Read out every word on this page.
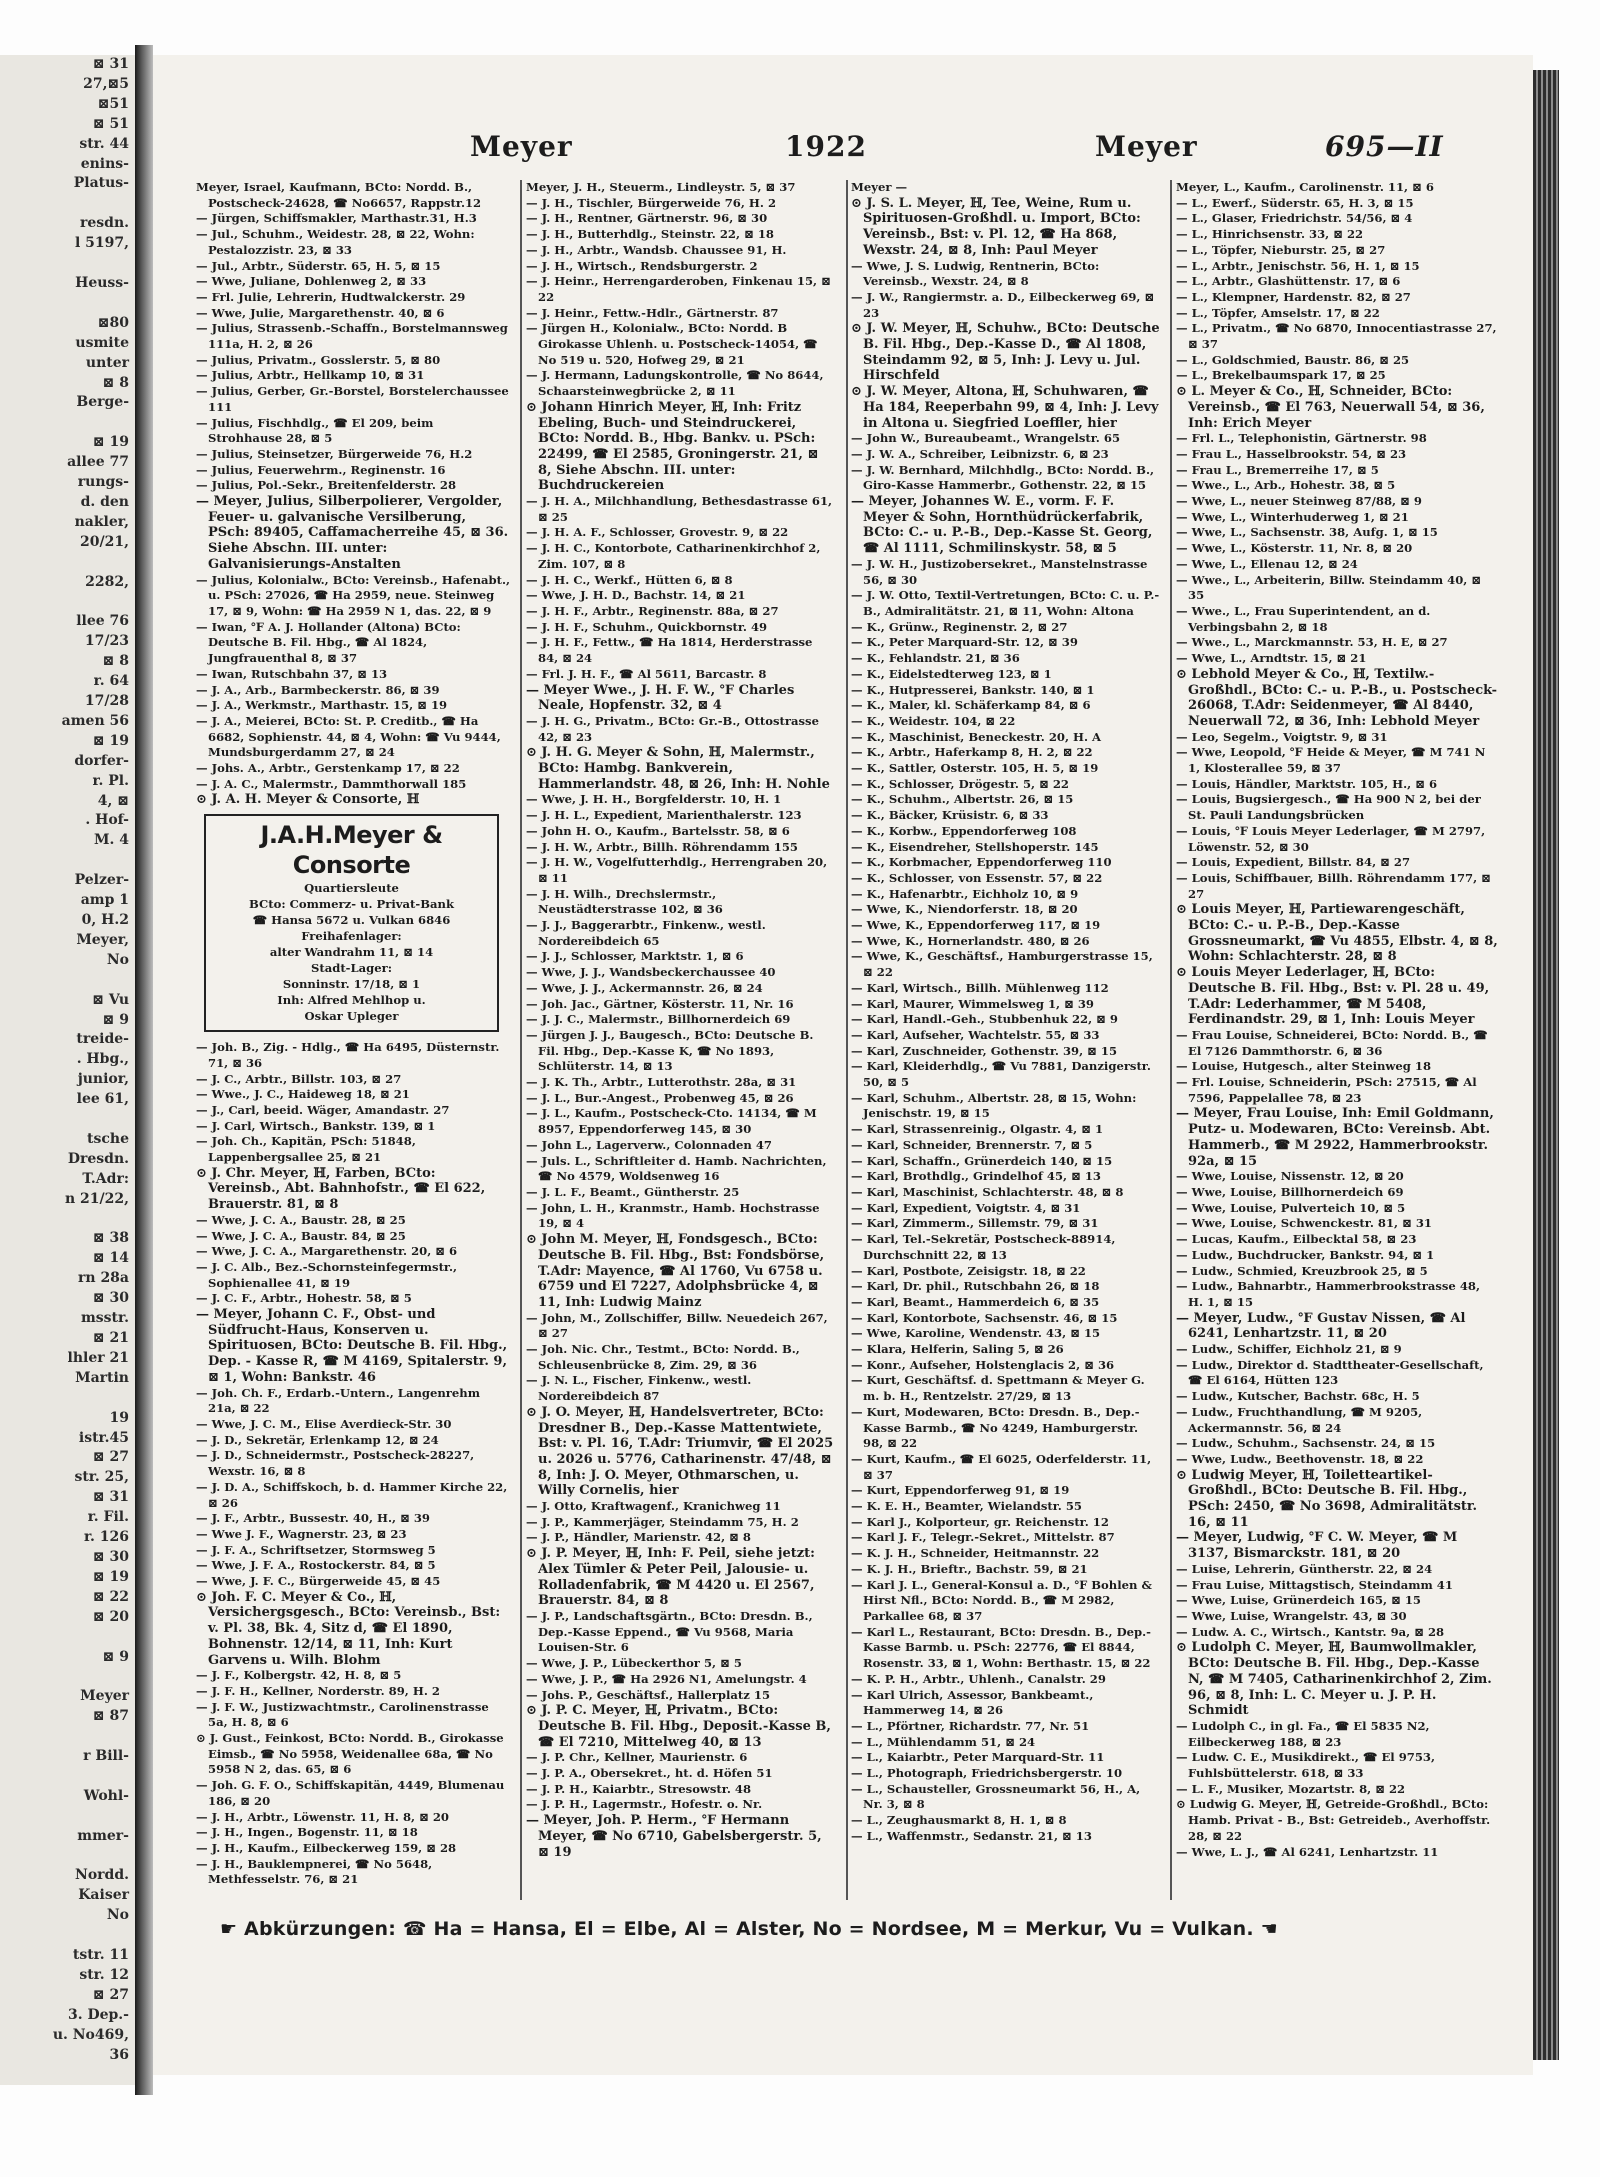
⊠ 31
27,⊠5
⊠51
⊠ 51
str. 44
enins-
Platus-

resdn.
l 5197,

Heuss-

⊠80
usmite
unter
⊠ 8
Berge-

⊠ 19
allee 77
rungs-
d. den
nakler,
20/21,

2282,

llee 76
17/23
⊠ 8
r. 64
17/28
amen 56
⊠ 19
dorfer-
r. Pl.
4, ⊠
. Hof-
M. 4

Pelzer-
amp 1
0, H.2
Meyer,
No

⊠ Vu
⊠ 9
treide-
. Hbg.,
junior,
lee 61,

tsche
Dresdn.
T.Adr:
n 21/22,

⊠ 38
⊠ 14
rn 28a
⊠ 30
msstr.
⊠ 21
lhler 21
Martin

19
istr.45
⊠ 27
str. 25,
⊠ 31
r. Fil.
r. 126
⊠ 30
⊠ 19
⊠ 22
⊠ 20

⊠ 9

Meyer
⊠ 87

r Bill-

Wohl-

mmer-

Nordd.
Kaiser
No

tstr. 11
str. 12
⊠ 27
3. Dep.-
u. No469,
36
Meyer	1922	Meyer	695—II
Meyer, Israel, Kaufmann, BCto: Nordd. B., Postscheck-24628, ☎ No6657, Rappstr.12
— Jürgen, Schiffsmakler, Marthastr.31, H.3
— Jul., Schuhm., Weidestr. 28, ⊠ 22, Wohn: Pestalozzistr. 23, ⊠ 33
— Jul., Arbtr., Süderstr. 65, H. 5, ⊠ 15
— Wwe, Juliane, Dohlenweg 2, ⊠ 33
— Frl. Julie, Lehrerin, Hudtwalckerstr. 29
— Wwe, Julie, Margarethenstr. 40, ⊠ 6
— Julius, Strassenb.-Schaffn., Borstelmannsweg 111a, H. 2, ⊠ 26
— Julius, Privatm., Gosslerstr. 5, ⊠ 80
— Julius, Arbtr., Hellkamp 10, ⊠ 31
— Julius, Gerber, Gr.-Borstel, Borstelerchaussee 111
— Julius, Fischhdlg., ☎ El 209, beim Strohhause 28, ⊠ 5
— Julius, Steinsetzer, Bürgerweide 76, H.2
— Julius, Feuerwehrm., Reginenstr. 16
— Julius, Pol.-Sekr., Breitenfelderstr. 28
— Meyer, Julius, Silberpolierer, Vergolder, Feuer- u. galvanische Versilberung, PSch: 89405, Caffamacherreihe 45, ⊠ 36. Siehe Abschn. III. unter: Galvanisierungs-Anstalten
— Julius, Kolonialw., BCto: Vereinsb., Hafenabt., u. PSch: 27026, ☎ Ha 2959, neue. Steinweg 17, ⊠ 9, Wohn: ☎ Ha 2959 N 1, das. 22, ⊠ 9
— Iwan, ℉ A. J. Hollander (Altona) BCto: Deutsche B. Fil. Hbg., ☎ Al 1824, Jungfrauenthal 8, ⊠ 37
— Iwan, Rutschbahn 37, ⊠ 13
— J. A., Arb., Barmbeckerstr. 86, ⊠ 39
— J. A., Werkmstr., Marthastr. 15, ⊠ 19
— J. A., Meierei, BCto: St. P. Creditb., ☎ Ha 6682, Sophienstr. 44, ⊠ 4, Wohn: ☎ Vu 9444, Mundsburgerdamm 27, ⊠ 24
— Johs. A., Arbtr., Gerstenkamp 17, ⊠ 22
— J. A. C., Malermstr., Dammthorwall 185
⊙ J. A. H. Meyer & Consorte, ℍ
J.A.H.Meyer & Consorte
Quartiersleute
BCto: Commerz- u. Privat-Bank
☎ Hansa 5672 u. Vulkan 6846
Freihafenlager:
alter Wandrahm 11, ⊠ 14
Stadt-Lager:
Sonninstr. 17/18, ⊠ 1
Inh: Alfred Mehlhop u.
Oskar Upleger
— Joh. B., Zig. - Hdlg., ☎ Ha 6495, Düsternstr. 71, ⊠ 36
— J. C., Arbtr., Billstr. 103, ⊠ 27
— Wwe., J. C., Haideweg 18, ⊠ 21
— J., Carl, beeid. Wäger, Amandastr. 27
— J. Carl, Wirtsch., Bankstr. 139, ⊠ 1
— Joh. Ch., Kapitän, PSch: 51848, Lappenbergsallee 25, ⊠ 21
⊙ J. Chr. Meyer, ℍ, Farben, BCto: Vereinsb., Abt. Bahnhofstr., ☎ El 622, Brauerstr. 81, ⊠ 8
— Wwe, J. C. A., Baustr. 28, ⊠ 25
— Wwe, J. C. A., Baustr. 84, ⊠ 25
— Wwe, J. C. A., Margarethenstr. 20, ⊠ 6
— J. C. Alb., Bez.-Schornsteinfegermstr., Sophienallee 41, ⊠ 19
— J. C. F., Arbtr., Hohestr. 58, ⊠ 5
— Meyer, Johann C. F., Obst- und Südfrucht-Haus, Konserven u. Spirituosen, BCto: Deutsche B. Fil. Hbg., Dep. - Kasse R, ☎ M 4169, Spitalerstr. 9, ⊠ 1, Wohn: Bankstr. 46
— Joh. Ch. F., Erdarb.-Untern., Langenrehm 21a, ⊠ 22
— Wwe, J. C. M., Elise Averdieck-Str. 30
— J. D., Sekretär, Erlenkamp 12, ⊠ 24
— J. D., Schneidermstr., Postscheck-28227, Wexstr. 16, ⊠ 8
— J. D. A., Schiffskoch, b. d. Hammer Kirche 22, ⊠ 26
— J. F., Arbtr., Bussestr. 40, H., ⊠ 39
— Wwe J. F., Wagnerstr. 23, ⊠ 23
— J. F. A., Schriftsetzer, Stormsweg 5
— Wwe, J. F. A., Rostockerstr. 84, ⊠ 5
— Wwe, J. F. C., Bürgerweide 45, ⊠ 45
⊙ Joh. F. C. Meyer & Co., ℍ, Versichergsgesch., BCto: Vereinsb., Bst: v. Pl. 38, Bk. 4, Sitz d, ☎ El 1890, Bohnenstr. 12/14, ⊠ 11, Inh: Kurt Garvens u. Wilh. Blohm
— J. F., Kolbergstr. 42, H. 8, ⊠ 5
— J. F. H., Kellner, Norderstr. 89, H. 2
— J. F. W., Justizwachtmstr., Carolinenstrasse 5a, H. 8, ⊠ 6
⊙ J. Gust., Feinkost, BCto: Nordd. B., Girokasse Eimsb., ☎ No 5958, Weidenallee 68a, ☎ No 5958 N 2, das. 65, ⊠ 6
— Joh. G. F. O., Schiffskapitän, 4449, Blumenau 186, ⊠ 20
— J. H., Arbtr., Löwenstr. 11, H. 8, ⊠ 20
— J. H., Ingen., Bogenstr. 11, ⊠ 18
— J. H., Kaufm., Eilbeckerweg 159, ⊠ 28
— J. H., Bauklempnerei, ☎ No 5648, Methfesselstr. 76, ⊠ 21
Meyer, J. H., Steuerm., Lindleystr. 5, ⊠ 37
— J. H., Tischler, Bürgerweide 76, H. 2
— J. H., Rentner, Gärtnerstr. 96, ⊠ 30
— J. H., Butterhdlg., Steinstr. 22, ⊠ 18
— J. H., Arbtr., Wandsb. Chaussee 91, H.
— J. H., Wirtsch., Rendsburgerstr. 2
— J. Heinr., Herrengarderoben, Finkenau 15, ⊠ 22
— J. Heinr., Fettw.-Hdlr., Gärtnerstr. 87
— Jürgen H., Kolonialw., BCto: Nordd. B Girokasse Uhlenh. u. Postscheck-14054, ☎ No 519 u. 520, Hofweg 29, ⊠ 21
— J. Hermann, Ladungskontrolle, ☎ No 8644, Schaarsteinwegbrücke 2, ⊠ 11
⊙ Johann Hinrich Meyer, ℍ, Inh: Fritz Ebeling, Buch- und Steindruckerei, BCto: Nordd. B., Hbg. Bankv. u. PSch: 22499, ☎ El 2585, Groningerstr. 21, ⊠ 8, Siehe Abschn. III. unter: Buchdruckereien
— J. H. A., Milchhandlung, Bethesdastrasse 61, ⊠ 25
— J. H. A. F., Schlosser, Grovestr. 9, ⊠ 22
— J. H. C., Kontorbote, Catharinenkirchhof 2, Zim. 107, ⊠ 8
— J. H. C., Werkf., Hütten 6, ⊠ 8
— Wwe, J. H. D., Bachstr. 14, ⊠ 21
— J. H. F., Arbtr., Reginenstr. 88a, ⊠ 27
— J. H. F., Schuhm., Quickbornstr. 49
— J. H. F., Fettw., ☎ Ha 1814, Herderstrasse 84, ⊠ 24
— Frl. J. H. F., ☎ Al 5611, Barcastr. 8
— Meyer Wwe., J. H. F. W., ℉ Charles Neale, Hopfenstr. 32, ⊠ 4
— J. H. G., Privatm., BCto: Gr.-B., Ottostrasse 42, ⊠ 23
⊙ J. H. G. Meyer & Sohn, ℍ, Malermstr., BCto: Hambg. Bankverein, Hammerlandstr. 48, ⊠ 26, Inh: H. Nohle
— Wwe, J. H. H., Borgfelderstr. 10, H. 1
— J. H. L., Expedient, Marienthalerstr. 123
— John H. O., Kaufm., Bartelsstr. 58, ⊠ 6
— J. H. W., Arbtr., Billh. Röhrendamm 155
— J. H. W., Vogelfutterhdlg., Herrengraben 20, ⊠ 11
— J. H. Wilh., Drechslermstr., Neustädterstrasse 102, ⊠ 36
— J. J., Baggerarbtr., Finkenw., westl. Nordereibdeich 65
— J. J., Schlosser, Marktstr. 1, ⊠ 6
— Wwe, J. J., Wandsbeckerchaussee 40
— Wwe, J. J., Ackermannstr. 26, ⊠ 24
— Joh. Jac., Gärtner, Kösterstr. 11, Nr. 16
— J. J. C., Malermstr., Billhornerdeich 69
— Jürgen J. J., Baugesch., BCto: Deutsche B. Fil. Hbg., Dep.-Kasse K, ☎ No 1893, Schlüterstr. 14, ⊠ 13
— J. K. Th., Arbtr., Lutterothstr. 28a, ⊠ 31
— J. L., Bur.-Angest., Probenweg 45, ⊠ 26
— J. L., Kaufm., Postscheck-Cto. 14134, ☎ M 8957, Eppendorferweg 145, ⊠ 30
— John L., Lagerverw., Colonnaden 47
— Juls. L., Schriftleiter d. Hamb. Nachrichten, ☎ No 4579, Woldsenweg 16
— J. L. F., Beamt., Güntherstr. 25
— John, L. H., Kranmstr., Hamb. Hochstrasse 19, ⊠ 4
⊙ John M. Meyer, ℍ, Fondsgesch., BCto: Deutsche B. Fil. Hbg., Bst: Fondsbörse, T.Adr: Mayence, ☎ Al 1760, Vu 6758 u. 6759 und El 7227, Adolphsbrücke 4, ⊠ 11, Inh: Ludwig Mainz
— John, M., Zollschiffer, Billw. Neuedeich 267, ⊠ 27
— Joh. Nic. Chr., Testmt., BCto: Nordd. B., Schleusenbrücke 8, Zim. 29, ⊠ 36
— J. N. L., Fischer, Finkenw., westl. Nordereibdeich 87
⊙ J. O. Meyer, ℍ, Handelsvertreter, BCto: Dresdner B., Dep.-Kasse Mattentwiete, Bst: v. Pl. 16, T.Adr: Triumvir, ☎ El 2025 u. 2026 u. 5776, Catharinenstr. 47/48, ⊠ 8, Inh: J. O. Meyer, Othmarschen, u. Willy Cornelis, hier
— J. Otto, Kraftwagenf., Kranichweg 11
— J. P., Kammerjäger, Steindamm 75, H. 2
— J. P., Händler, Marienstr. 42, ⊠ 8
⊙ J. P. Meyer, ℍ, Inh: F. Peil, siehe jetzt: Alex Tümler & Peter Peil, Jalousie- u. Rolladenfabrik, ☎ M 4420 u. El 2567, Brauerstr. 84, ⊠ 8
— J. P., Landschaftsgärtn., BCto: Dresdn. B., Dep.-Kasse Eppend., ☎ Vu 9568, Maria Louisen-Str. 6
— Wwe, J. P., Lübeckerthor 5, ⊠ 5
— Wwe, J. P., ☎ Ha 2926 N1, Amelungstr. 4
— Johs. P., Geschäftsf., Hallerplatz 15
⊙ J. P. C. Meyer, ℍ, Privatm., BCto: Deutsche B. Fil. Hbg., Deposit.-Kasse B, ☎ El 7210, Mittelweg 40, ⊠ 13
— J. P. Chr., Kellner, Maurienstr. 6
— J. P. A., Obersekret., ht. d. Höfen 51
— J. P. H., Kaiarbtr., Stresowstr. 48
— J. P. H., Lagermstr., Hofestr. o. Nr.
— Meyer, Joh. P. Herm., ℉ Hermann Meyer, ☎ No 6710, Gabelsbergerstr. 5, ⊠ 19
Meyer —
⊙ J. S. L. Meyer, ℍ, Tee, Weine, Rum u. Spirituosen-Großhdl. u. Import, BCto: Vereinsb., Bst: v. Pl. 12, ☎ Ha 868, Wexstr. 24, ⊠ 8, Inh: Paul Meyer
— Wwe, J. S. Ludwig, Rentnerin, BCto: Vereinsb., Wexstr. 24, ⊠ 8
— J. W., Rangiermstr. a. D., Eilbeckerweg 69, ⊠ 23
⊙ J. W. Meyer, ℍ, Schuhw., BCto: Deutsche B. Fil. Hbg., Dep.-Kasse D., ☎ Al 1808, Steindamm 92, ⊠ 5, Inh: J. Levy u. Jul. Hirschfeld
⊙ J. W. Meyer, Altona, ℍ, Schuhwaren, ☎ Ha 184, Reeperbahn 99, ⊠ 4, Inh: J. Levy in Altona u. Siegfried Loeffler, hier
— John W., Bureaubeamt., Wrangelstr. 65
— J. W. A., Schreiber, Leibnizstr. 6, ⊠ 23
— J. W. Bernhard, Milchhdlg., BCto: Nordd. B., Giro-Kasse Hammerbr., Gothenstr. 22, ⊠ 15
— Meyer, Johannes W. E., vorm. F. F. Meyer & Sohn, Hornthüdrückerfabrik, BCto: C.- u. P.-B., Dep.-Kasse St. Georg, ☎ Al 1111, Schmilinskystr. 58, ⊠ 5
— J. W. H., Justizobersekret., Manstelnstrasse 56, ⊠ 30
— J. W. Otto, Textil-Vertretungen, BCto: C. u. P.-B., Admiralitätstr. 21, ⊠ 11, Wohn: Altona
— K., Grünw., Reginenstr. 2, ⊠ 27
— K., Peter Marquard-Str. 12, ⊠ 39
— K., Fehlandstr. 21, ⊠ 36
— K., Eidelstedterweg 123, ⊠ 1
— K., Hutpresserei, Bankstr. 140, ⊠ 1
— K., Maler, kl. Schäferkamp 84, ⊠ 6
— K., Weidestr. 104, ⊠ 22
— K., Maschinist, Beneckestr. 20, H. A
— K., Arbtr., Haferkamp 8, H. 2, ⊠ 22
— K., Sattler, Osterstr. 105, H. 5, ⊠ 19
— K., Schlosser, Drögestr. 5, ⊠ 22
— K., Schuhm., Albertstr. 26, ⊠ 15
— K., Bäcker, Krüsistr. 6, ⊠ 33
— K., Korbw., Eppendorferweg 108
— K., Eisendreher, Stellshoperstr. 145
— K., Korbmacher, Eppendorferweg 110
— K., Schlosser, von Essenstr. 57, ⊠ 22
— K., Hafenarbtr., Eichholz 10, ⊠ 9
— Wwe, K., Niendorferstr. 18, ⊠ 20
— Wwe, K., Eppendorferweg 117, ⊠ 19
— Wwe, K., Hornerlandstr. 480, ⊠ 26
— Wwe, K., Geschäftsf., Hamburgerstrasse 15, ⊠ 22
— Karl, Wirtsch., Billh. Mühlenweg 112
— Karl, Maurer, Wimmelsweg 1, ⊠ 39
— Karl, Handl.-Geh., Stubbenhuk 22, ⊠ 9
— Karl, Aufseher, Wachtelstr. 55, ⊠ 33
— Karl, Zuschneider, Gothenstr. 39, ⊠ 15
— Karl, Kleiderhdlg., ☎ Vu 7881, Danzigerstr. 50, ⊠ 5
— Karl, Schuhm., Albertstr. 28, ⊠ 15, Wohn: Jenischstr. 19, ⊠ 15
— Karl, Strassenreinig., Olgastr. 4, ⊠ 1
— Karl, Schneider, Brennerstr. 7, ⊠ 5
— Karl, Schaffn., Grünerdeich 140, ⊠ 15
— Karl, Brothdlg., Grindelhof 45, ⊠ 13
— Karl, Maschinist, Schlachterstr. 48, ⊠ 8
— Karl, Expedient, Voigtstr. 4, ⊠ 31
— Karl, Zimmerm., Sillemstr. 79, ⊠ 31
— Karl, Tel.-Sekretär, Postscheck-88914, Durchschnitt 22, ⊠ 13
— Karl, Postbote, Zeisigstr. 18, ⊠ 22
— Karl, Dr. phil., Rutschbahn 26, ⊠ 18
— Karl, Beamt., Hammerdeich 6, ⊠ 35
— Karl, Kontorbote, Sachsenstr. 46, ⊠ 15
— Wwe, Karoline, Wendenstr. 43, ⊠ 15
— Klara, Helferin, Saling 5, ⊠ 26
— Konr., Aufseher, Holstenglacis 2, ⊠ 36
— Kurt, Geschäftsf. d. Spettmann & Meyer G. m. b. H., Rentzelstr. 27/29, ⊠ 13
— Kurt, Modewaren, BCto: Dresdn. B., Dep.-Kasse Barmb., ☎ No 4249, Hamburgerstr. 98, ⊠ 22
— Kurt, Kaufm., ☎ El 6025, Oderfelderstr. 11, ⊠ 37
— Kurt, Eppendorferweg 91, ⊠ 19
— K. E. H., Beamter, Wielandstr. 55
— Karl J., Kolporteur, gr. Reichenstr. 12
— Karl J. F., Telegr.-Sekret., Mittelstr. 87
— K. J. H., Schneider, Heitmannstr. 22
— K. J. H., Brieftr., Bachstr. 59, ⊠ 21
— Karl J. L., General-Konsul a. D., ℉ Bohlen & Hirst Nfl., BCto: Nordd. B., ☎ M 2982, Parkallee 68, ⊠ 37
— Karl L., Restaurant, BCto: Dresdn. B., Dep.-Kasse Barmb. u. PSch: 22776, ☎ El 8844, Rosenstr. 33, ⊠ 1, Wohn: Berthastr. 15, ⊠ 22
— K. P. H., Arbtr., Uhlenh., Canalstr. 29
— Karl Ulrich, Assessor, Bankbeamt., Hammerweg 14, ⊠ 26
— L., Pförtner, Richardstr. 77, Nr. 51
— L., Mühlendamm 51, ⊠ 24
— L., Kaiarbtr., Peter Marquard-Str. 11
— L., Photograph, Friedrichsbergerstr. 10
— L., Schausteller, Grossneumarkt 56, H., A, Nr. 3, ⊠ 8
— L., Zeughausmarkt 8, H. 1, ⊠ 8
— L., Waffenmstr., Sedanstr. 21, ⊠ 13
Meyer, L., Kaufm., Carolinenstr. 11, ⊠ 6
— L., Ewerf., Süderstr. 65, H. 3, ⊠ 15
— L., Glaser, Friedrichstr. 54/56, ⊠ 4
— L., Hinrichsenstr. 33, ⊠ 22
— L., Töpfer, Nieburstr. 25, ⊠ 27
— L., Arbtr., Jenischstr. 56, H. 1, ⊠ 15
— L., Arbtr., Glashüttenstr. 17, ⊠ 6
— L., Klempner, Hardenstr. 82, ⊠ 27
— L., Töpfer, Amselstr. 17, ⊠ 22
— L., Privatm., ☎ No 6870, Innocentiastrasse 27, ⊠ 37
— L., Goldschmied, Baustr. 86, ⊠ 25
— L., Brekelbaumspark 17, ⊠ 25
⊙ L. Meyer & Co., ℍ, Schneider, BCto: Vereinsb., ☎ El 763, Neuerwall 54, ⊠ 36, Inh: Erich Meyer
— Frl. L., Telephonistin, Gärtnerstr. 98
— Frau L., Hasselbrookstr. 54, ⊠ 23
— Frau L., Bremerreihe 17, ⊠ 5
— Wwe., L., Arb., Hohestr. 38, ⊠ 5
— Wwe, L., neuer Steinweg 87/88, ⊠ 9
— Wwe, L., Winterhuderweg 1, ⊠ 21
— Wwe, L., Sachsenstr. 38, Aufg. 1, ⊠ 15
— Wwe, L., Kösterstr. 11, Nr. 8, ⊠ 20
— Wwe, L., Ellenau 12, ⊠ 24
— Wwe., L., Arbeiterin, Billw. Steindamm 40, ⊠ 35
— Wwe., L., Frau Superintendent, an d. Verbingsbahn 2, ⊠ 18
— Wwe., L., Marckmannstr. 53, H. E, ⊠ 27
— Wwe, L., Arndtstr. 15, ⊠ 21
⊙ Lebhold Meyer & Co., ℍ, Textilw.-Großhdl., BCto: C.- u. P.-B., u. Postscheck-26068, T.Adr: Seidenmeyer, ☎ Al 8440, Neuerwall 72, ⊠ 36, Inh: Lebhold Meyer
— Leo, Segelm., Voigtstr. 9, ⊠ 31
— Wwe, Leopold, ℉ Heide & Meyer, ☎ M 741 N 1, Klosterallee 59, ⊠ 37
— Louis, Händler, Marktstr. 105, H., ⊠ 6
— Louis, Bugsiergesch., ☎ Ha 900 N 2, bei der St. Pauli Landungsbrücken
— Louis, ℉ Louis Meyer Lederlager, ☎ M 2797, Löwenstr. 52, ⊠ 30
— Louis, Expedient, Billstr. 84, ⊠ 27
— Louis, Schiffbauer, Billh. Röhrendamm 177, ⊠ 27
⊙ Louis Meyer, ℍ, Partiewarengeschäft, BCto: C.- u. P.-B., Dep.-Kasse Grossneumarkt, ☎ Vu 4855, Elbstr. 4, ⊠ 8, Wohn: Schlachterstr. 28, ⊠ 8
⊙ Louis Meyer Lederlager, ℍ, BCto: Deutsche B. Fil. Hbg., Bst: v. Pl. 28 u. 49, T.Adr: Lederhammer, ☎ M 5408, Ferdinandstr. 29, ⊠ 1, Inh: Louis Meyer
— Frau Louise, Schneiderei, BCto: Nordd. B., ☎ El 7126 Dammthorstr. 6, ⊠ 36
— Louise, Hutgesch., alter Steinweg 18
— Frl. Louise, Schneiderin, PSch: 27515, ☎ Al 7596, Pappelallee 78, ⊠ 23
— Meyer, Frau Louise, Inh: Emil Goldmann, Putz- u. Modewaren, BCto: Vereinsb. Abt. Hammerb., ☎ M 2922, Hammerbrookstr. 92a, ⊠ 15
— Wwe, Louise, Nissenstr. 12, ⊠ 20
— Wwe, Louise, Billhornerdeich 69
— Wwe, Louise, Pulverteich 10, ⊠ 5
— Wwe, Louise, Schwenckestr. 81, ⊠ 31
— Lucas, Kaufm., Eilbecktal 58, ⊠ 23
— Ludw., Buchdrucker, Bankstr. 94, ⊠ 1
— Ludw., Schmied, Kreuzbrook 25, ⊠ 5
— Ludw., Bahnarbtr., Hammerbrookstrasse 48, H. 1, ⊠ 15
— Meyer, Ludw., ℉ Gustav Nissen, ☎ Al 6241, Lenhartzstr. 11, ⊠ 20
— Ludw., Schiffer, Eichholz 21, ⊠ 9
— Ludw., Direktor d. Stadttheater-Gesellschaft, ☎ El 6164, Hütten 123
— Ludw., Kutscher, Bachstr. 68c, H. 5
— Ludw., Fruchthandlung, ☎ M 9205, Ackermannstr. 56, ⊠ 24
— Ludw., Schuhm., Sachsenstr. 24, ⊠ 15
— Wwe, Ludw., Beethovenstr. 18, ⊠ 22
⊙ Ludwig Meyer, ℍ, Toiletteartikel-Großhdl., BCto: Deutsche B. Fil. Hbg., PSch: 2450, ☎ No 3698, Admiralitätstr. 16, ⊠ 11
— Meyer, Ludwig, ℉ C. W. Meyer, ☎ M 3137, Bismarckstr. 181, ⊠ 20
— Luise, Lehrerin, Güntherstr. 22, ⊠ 24
— Frau Luise, Mittagstisch, Steindamm 41
— Wwe, Luise, Grünerdeich 165, ⊠ 15
— Wwe, Luise, Wrangelstr. 43, ⊠ 30
— Ludw. A. C., Wirtsch., Kantstr. 9a, ⊠ 28
⊙ Ludolph C. Meyer, ℍ, Baumwollmakler, BCto: Deutsche B. Fil. Hbg., Dep.-Kasse N, ☎ M 7405, Catharinenkirchhof 2, Zim. 96, ⊠ 8, Inh: L. C. Meyer u. J. P. H. Schmidt
— Ludolph C., in gl. Fa., ☎ El 5835 N2, Eilbeckerweg 188, ⊠ 23
— Ludw. C. E., Musikdirekt., ☎ El 9753, Fuhlsbüttelerstr. 618, ⊠ 33
— L. F., Musiker, Mozartstr. 8, ⊠ 22
⊙ Ludwig G. Meyer, ℍ, Getreide-Großhdl., BCto: Hamb. Privat - B., Bst: Getreideb., Averhoffstr. 28, ⊠ 22
— Wwe, L. J., ☎ Al 6241, Lenhartzstr. 11
☛ Abkürzungen: ☎ Ha = Hansa, El = Elbe, Al = Alster, No = Nordsee, M = Merkur, Vu = Vulkan. ☚
